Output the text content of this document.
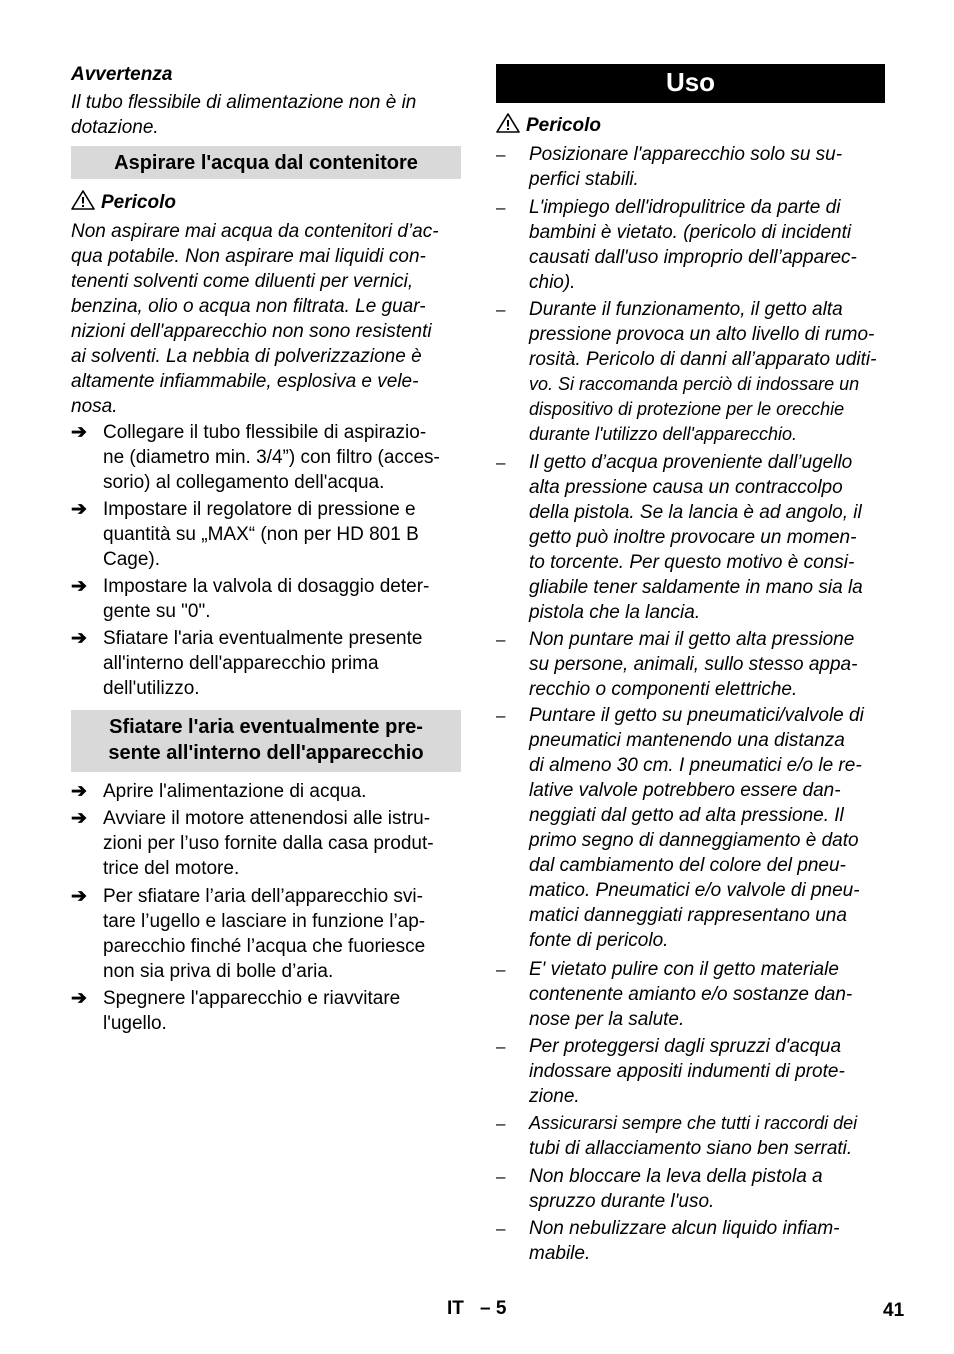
Avvertenza
Il tubo flessibile di alimentazione non è in
dotazione.
Aspirare l'acqua dal contenitore
Pericolo
Non aspirare mai acqua da contenitori d’ac-
qua potabile. Non aspirare mai liquidi con-
tenenti solventi come diluenti per vernici,
benzina, olio o acqua non filtrata. Le guar-
nizioni dell'apparecchio non sono resistenti
ai solventi. La nebbia di polverizzazione è
altamente infiammabile, esplosiva e vele-
nosa.
➔ Collegare il tubo flessibile di aspirazio-
ne (diametro min. 3/4”) con filtro (acces-
sorio) al collegamento dell'acqua.
➔ Impostare il regolatore di pressione e
quantità su „MAX“ (non per HD 801 B
Cage).
➔ Impostare la valvola di dosaggio deter-
gente su "0".
➔ Sfiatare l'aria eventualmente presente
all'interno dell'apparecchio prima
dell'utilizzo.
Sfiatare l'aria eventualmente pre-
sente all'interno dell'apparecchio
➔ Aprire l'alimentazione di acqua.
➔ Avviare il motore attenendosi alle istru-
zioni per l’uso fornite dalla casa produt-
trice del motore.
➔ Per sfiatare l’aria dell’apparecchio svi-
tare l’ugello e lasciare in funzione l’ap-
parecchio finché l’acqua che fuoriesce
non sia priva di bolle d’aria.
➔ Spegnere l'apparecchio e riavvitare
l'ugello.
Uso
Pericolo
– Posizionare l'apparecchio solo su su-
perfici stabili.
– L'impiego dell'idropulitrice da parte di
bambini è vietato. (pericolo di incidenti
causati dall'uso improprio dell’apparec-
chio).
– Durante il funzionamento, il getto alta
pressione provoca un alto livello di rumo-
rosità. Pericolo di danni all’apparato uditi-
vo. Si raccomanda perciò di indossare un
dispositivo di protezione per le orecchie
durante l'utilizzo dell'apparecchio.
– Il getto d’acqua proveniente dall’ugello
alta pressione causa un contraccolpo
della pistola. Se la lancia è ad angolo, il
getto può inoltre provocare un momen-
to torcente. Per questo motivo è consi-
gliabile tener saldamente in mano sia la
pistola che la lancia.
– Non puntare mai il getto alta pressione
su persone, animali, sullo stesso appa-
recchio o componenti elettriche.
– Puntare il getto su pneumatici/valvole di
pneumatici mantenendo una distanza
di almeno 30 cm. I pneumatici e/o le re-
lative valvole potrebbero essere dan-
neggiati dal getto ad alta pressione. Il
primo segno di danneggiamento è dato
dal cambiamento del colore del pneu-
matico. Pneumatici e/o valvole di pneu-
matici danneggiati rappresentano una
fonte di pericolo.
– E' vietato pulire con il getto materiale
contenente amianto e/o sostanze dan-
nose per la salute.
– Per proteggersi dagli spruzzi d'acqua
indossare appositi indumenti di prote-
zione.
– Assicurarsi sempre che tutti i raccordi dei
tubi di allacciamento siano ben serrati.
– Non bloccare la leva della pistola a
spruzzo durante l'uso.
– Non nebulizzare alcun liquido infiam-
mabile.
IT – 5	41
